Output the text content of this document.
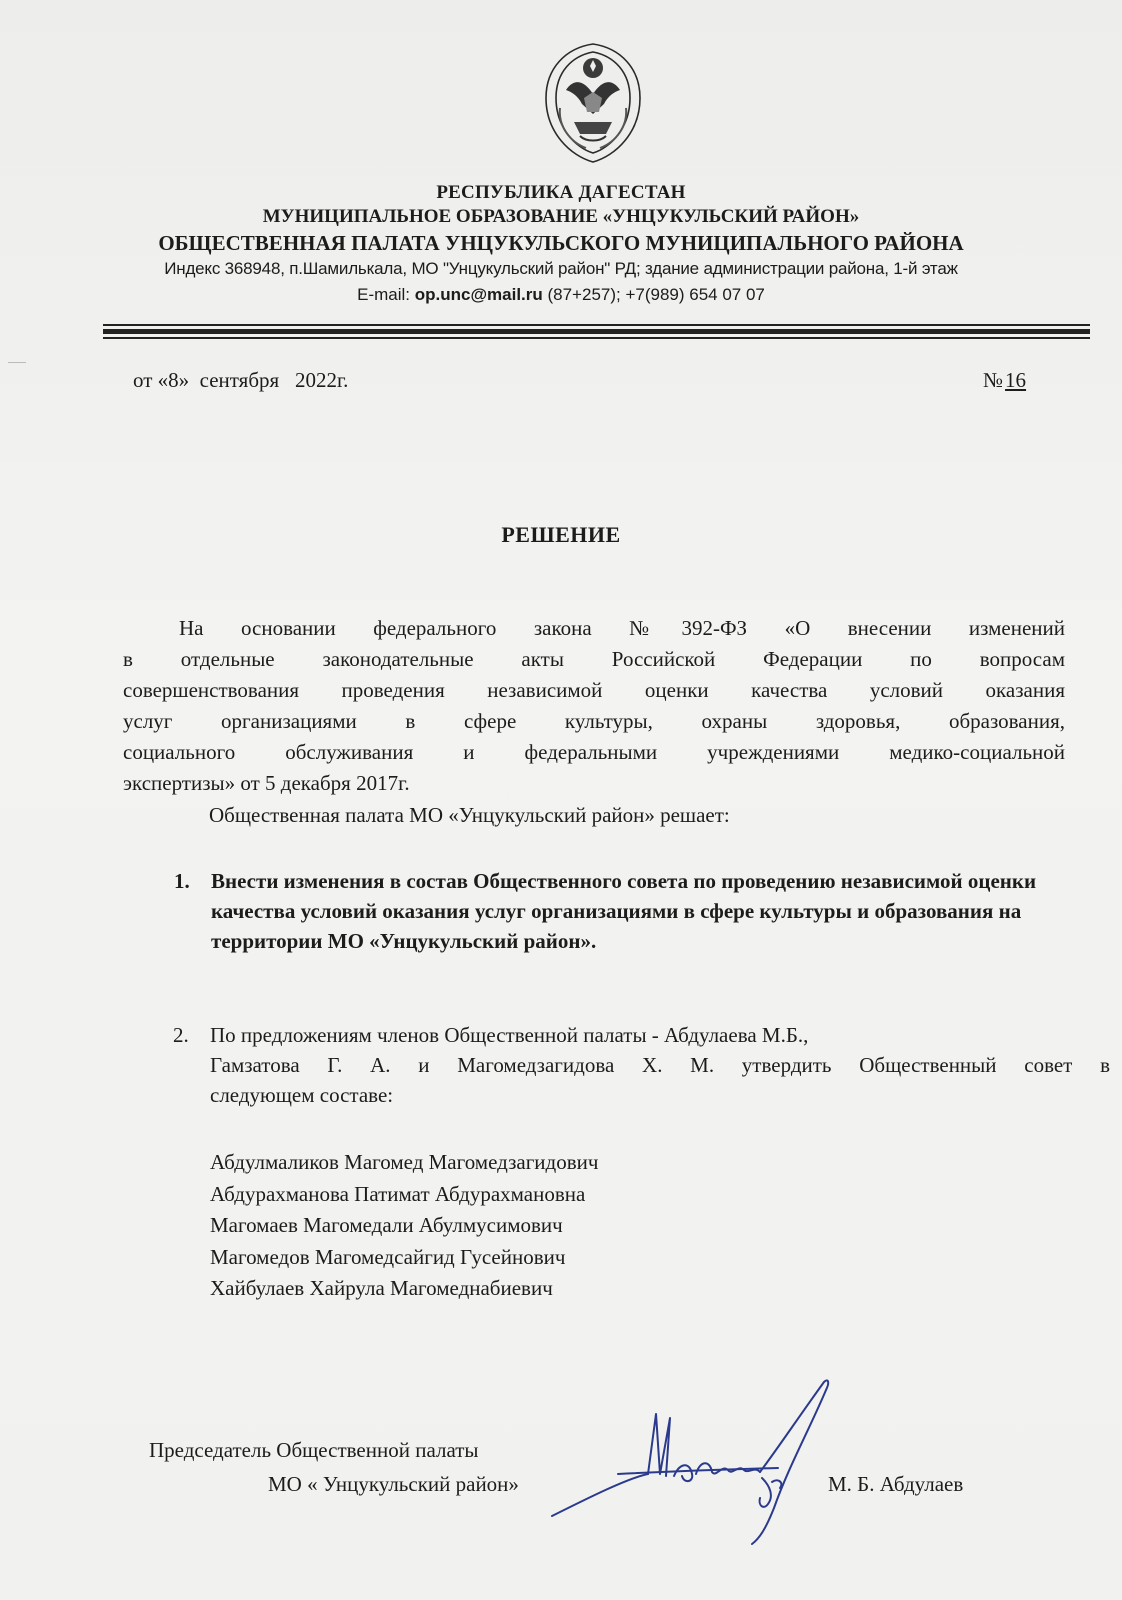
РЕСПУБЛИКА ДАГЕСТАН
МУНИЦИПАЛЬНОЕ ОБРАЗОВАНИЕ «УНЦУКУЛЬСКИЙ РАЙОН»
ОБЩЕСТВЕННАЯ ПАЛАТА УНЦУКУЛЬСКОГО МУНИЦИПАЛЬНОГО РАЙОНА
Индекс 368948, п.Шамилькала, МО "Унцукульский район" РД; здание администрации района, 1-й этаж
E-mail: op.unc@mail.ru (87+257); +7(989) 654 07 07
от «8»  сентября   2022г.	№16
РЕШЕНИЕ
На основании федерального закона №392-ФЗ «О внесении изменений
в отдельные законодательные акты Российской Федерации по вопросам
совершенствования проведения независимой оценки качества условий оказания
услуг организациями в сфере культуры, охраны здоровья, образования,
социального обслуживания и федеральными учреждениями медико-социальной
экспертизы» от 5 декабря 2017г.
Общественная палата МО «Унцукульский район» решает:
1. Внести изменения в состав Общественного совета по проведению независимой оценки качества условий оказания услуг организациями в сфере культуры и образования на территории МО «Унцукульский район».
2. По предложениям членов Общественной палаты - Абдулаева М.Б.,
Гамзатова Г. А. и Магомедзагидова Х. М. утвердить Общественный совет в
следующем составе:
Абдулмаликов Магомед Магомедзагидович
Абдурахманова Патимат Абдурахмановна
Магомаев Магомедали Абулмусимович
Магомедов Магомедсайгид Гусейнович
Хайбулаев Хайрула Магомеднабиевич
Председатель Общественной палаты
МО « Унцукульский район»	М. Б. Абдулаев
